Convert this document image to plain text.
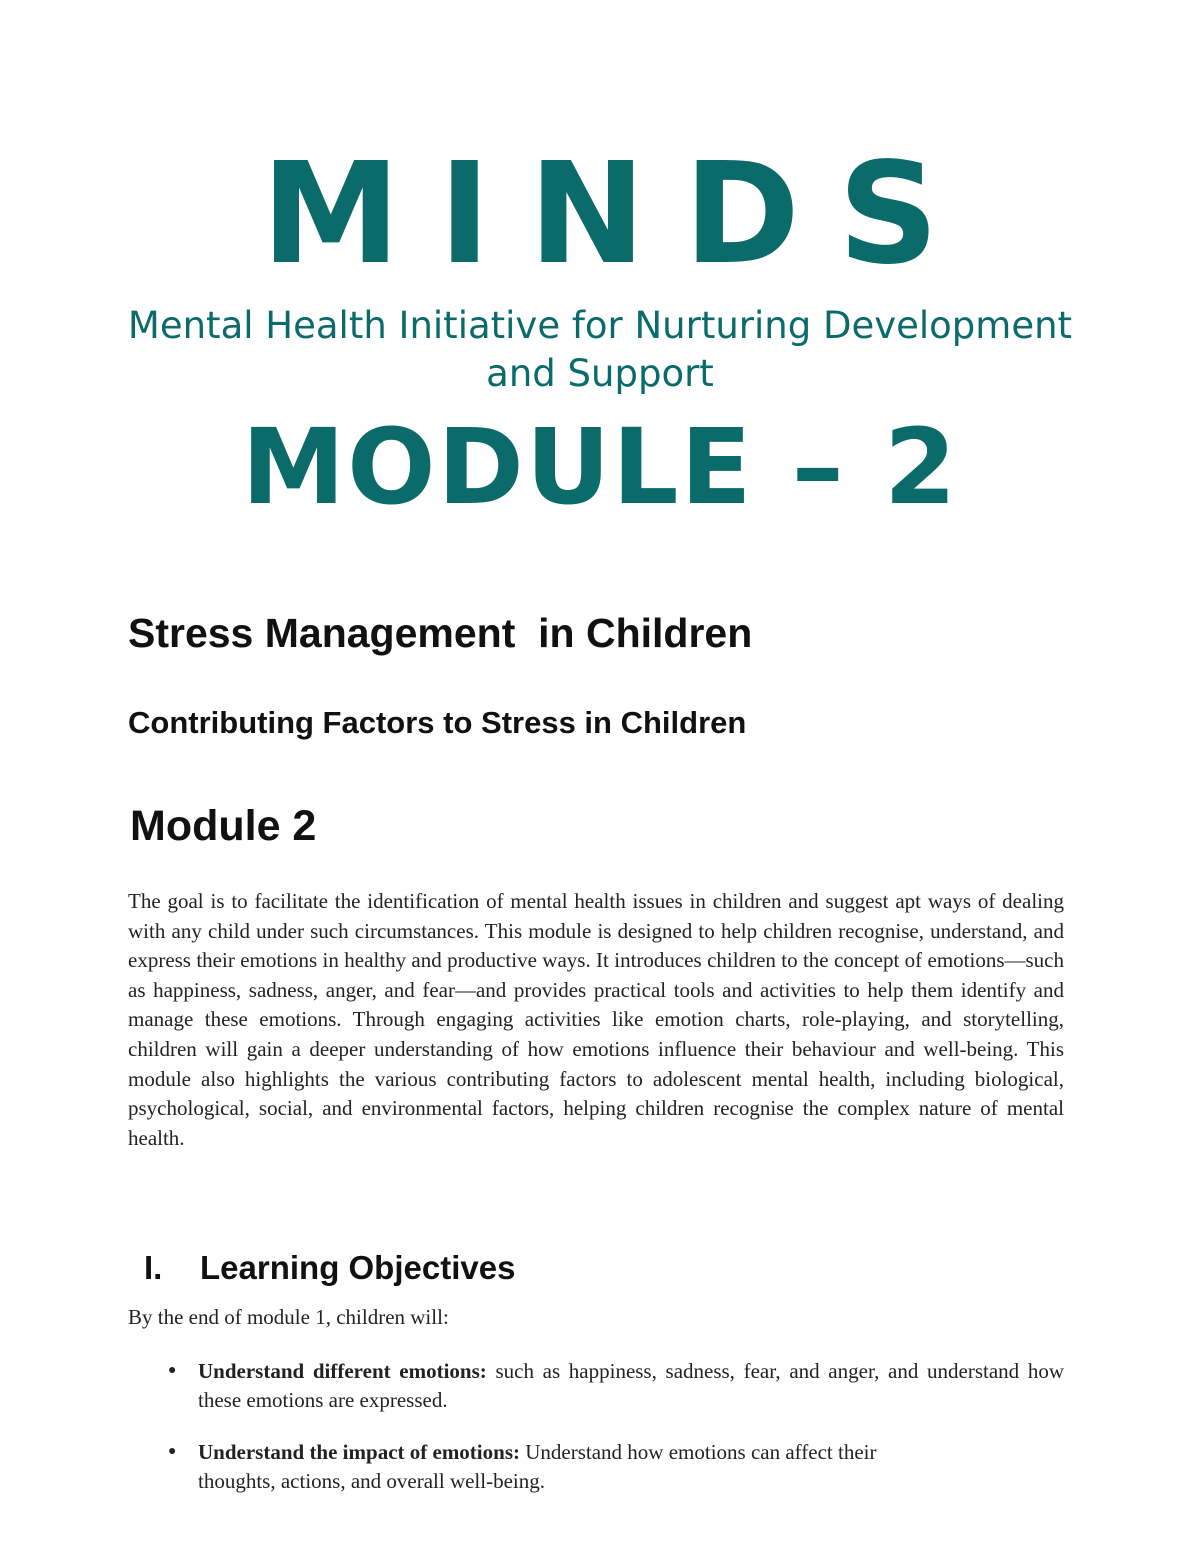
MINDS
Mental Health Initiative for Nurturing Development
and Support
MODULE – 2
Stress Management  in Children
Contributing Factors to Stress in Children
Module 2

The goal is to facilitate the identification of mental health issues in children and suggest apt ways of dealing with any child under such circumstances. This module is designed to help children recognise, understand, and express their emotions in healthy and productive ways. It introduces children to the concept of emotions—such as happiness, sadness, anger, and fear—and provides practical tools and activities to help them identify and manage these emotions. Through engaging activities like emotion charts, role-playing, and storytelling, children will gain a deeper understanding of how emotions influence their behaviour and well-being. This module also highlights the various contributing factors to adolescent mental health, including biological, psychological, social, and environmental factors, helping children recognise the complex nature of mental health.

I. Learning Objectives

By the end of module 1, children will:

● Understand different emotions: such as happiness, sadness, fear, and anger, and understand how these emotions are expressed.
● Understand the impact of emotions: Understand how emotions can affect their thoughts, actions, and overall well-being.
